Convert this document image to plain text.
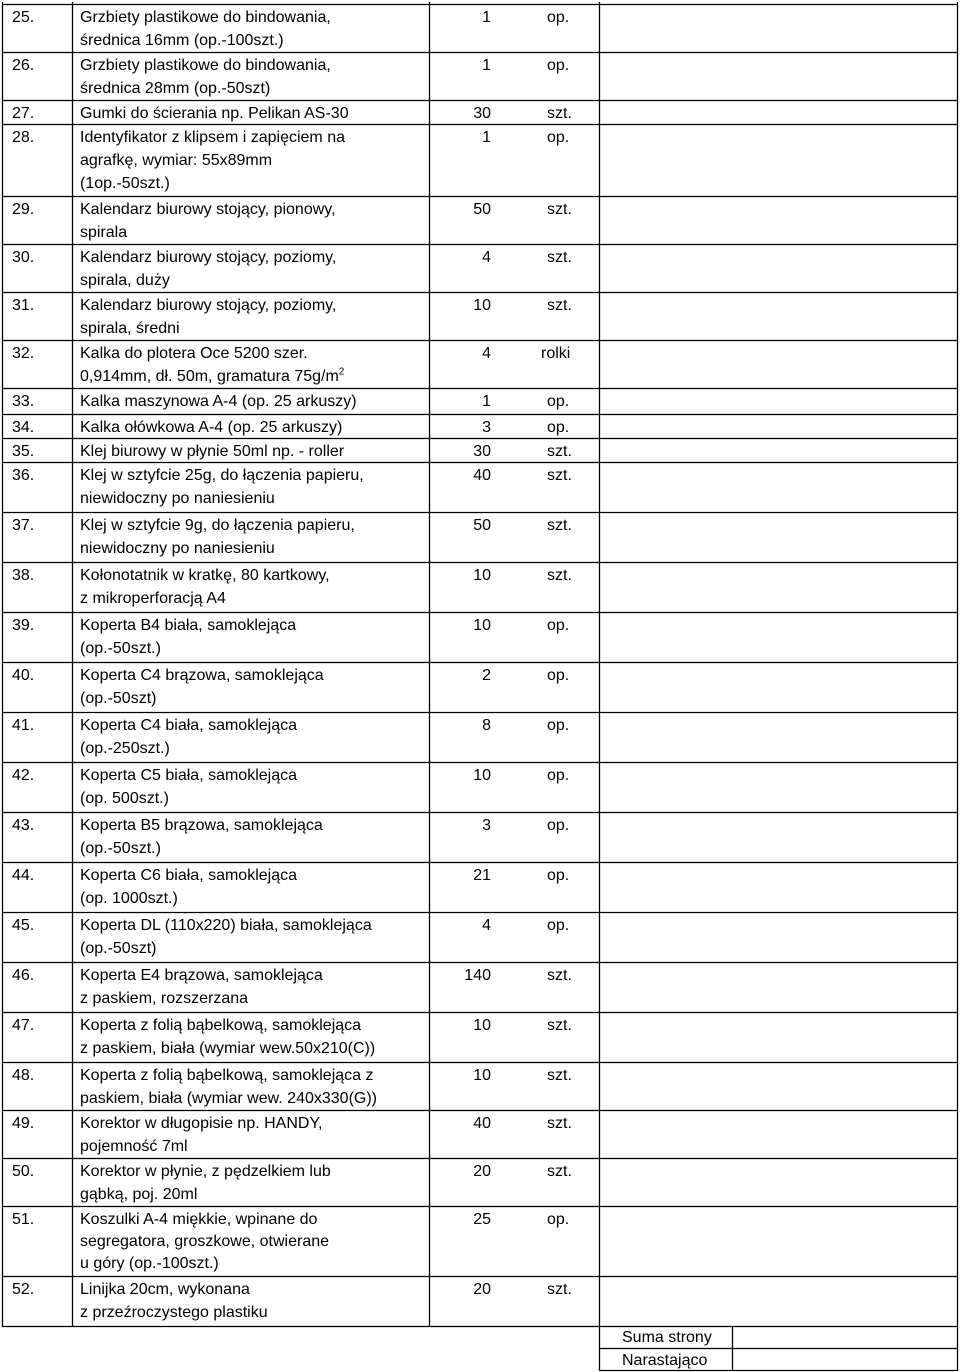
25.	Grzbiety plastikowe do bindowania,
średnica 16mm (op.-100szt.)
1	op.
26.	Grzbiety plastikowe do bindowania,
średnica 28mm (op.-50szt)
1	op.
27.	Gumki do ścierania np. Pelikan AS-30	30	szt.
28.	Identyfikator z klipsem i zapięciem na
agrafkę, wymiar: 55x89mm
(1op.-50szt.)
1	op.
29.	Kalendarz biurowy stojący, pionowy,
spirala
50	szt.
30.	Kalendarz biurowy stojący, poziomy,
spirala, duży
4	szt.
31.	Kalendarz biurowy stojący, poziomy,
spirala, średni
10	szt.
32.	Kalka do plotera Oce 5200 szer.
0,914mm, dł. 50m, gramatura $75g/m^2$
4	rolki
33.	Kalka maszynowa A-4 (op. 25 arkuszy)	1	op.
34.	Kalka ołówkowa A-4 (op. 25 arkuszy)	3	op.
35.	Klej biurowy w płynie 50ml np. - roller	30	szt.
36.	Klej w sztyfcie 25g, do łączenia papieru,
niewidoczny po naniesieniu
40	szt.
37.	Klej w sztyfcie 9g, do łączenia papieru,
niewidoczny po naniesieniu
50	szt.
38.	Kołonotatnik w kratkę, 80 kartkowy,
z mikroperforacją A4
10	szt.
39.	Koperta B4 biała, samoklejąca
(op.-50szt.)
10	op.
40.	Koperta C4 brązowa, samoklejąca
(op.-50szt)
2	op.
41.	Koperta C4 biała, samoklejąca
(op.-250szt.)
8	op.
42.	Koperta C5 biała, samoklejąca
(op. 500szt.)
10	op.
43.	Koperta B5 brązowa, samoklejąca
(op.-50szt.)
3	op.
44.	Koperta C6 biała, samoklejąca
(op. 1000szt.)
21	op.
45.	Koperta DL (110x220) biała, samoklejąca
(op.-50szt)
4	op.
46.	Koperta E4 brązowa, samoklejąca
z paskiem, rozszerzana
140	szt.
47.	Koperta z folią bąbelkową, samoklejąca
z paskiem, biała (wymiar wew.50x210(C))
10	szt.
48.	Koperta z folią bąbelkową, samoklejąca z
paskiem, biała (wymiar wew. 240x330(G))
10	szt.
49.	Korektor w długopisie np. HANDY,
pojemność 7ml
40	szt.
50.	Korektor w płynie, z pędzelkiem lub
gąbką, poj. 20ml
20	szt.
51.	Koszulki A-4 miękkie, wpinane do
segregatora, groszkowe, otwierane
u góry (op.-100szt.)
25	op.
52.	Linijka 20cm, wykonana
z przeźroczystego plastiku
20	szt.
Suma strony
Narastająco
